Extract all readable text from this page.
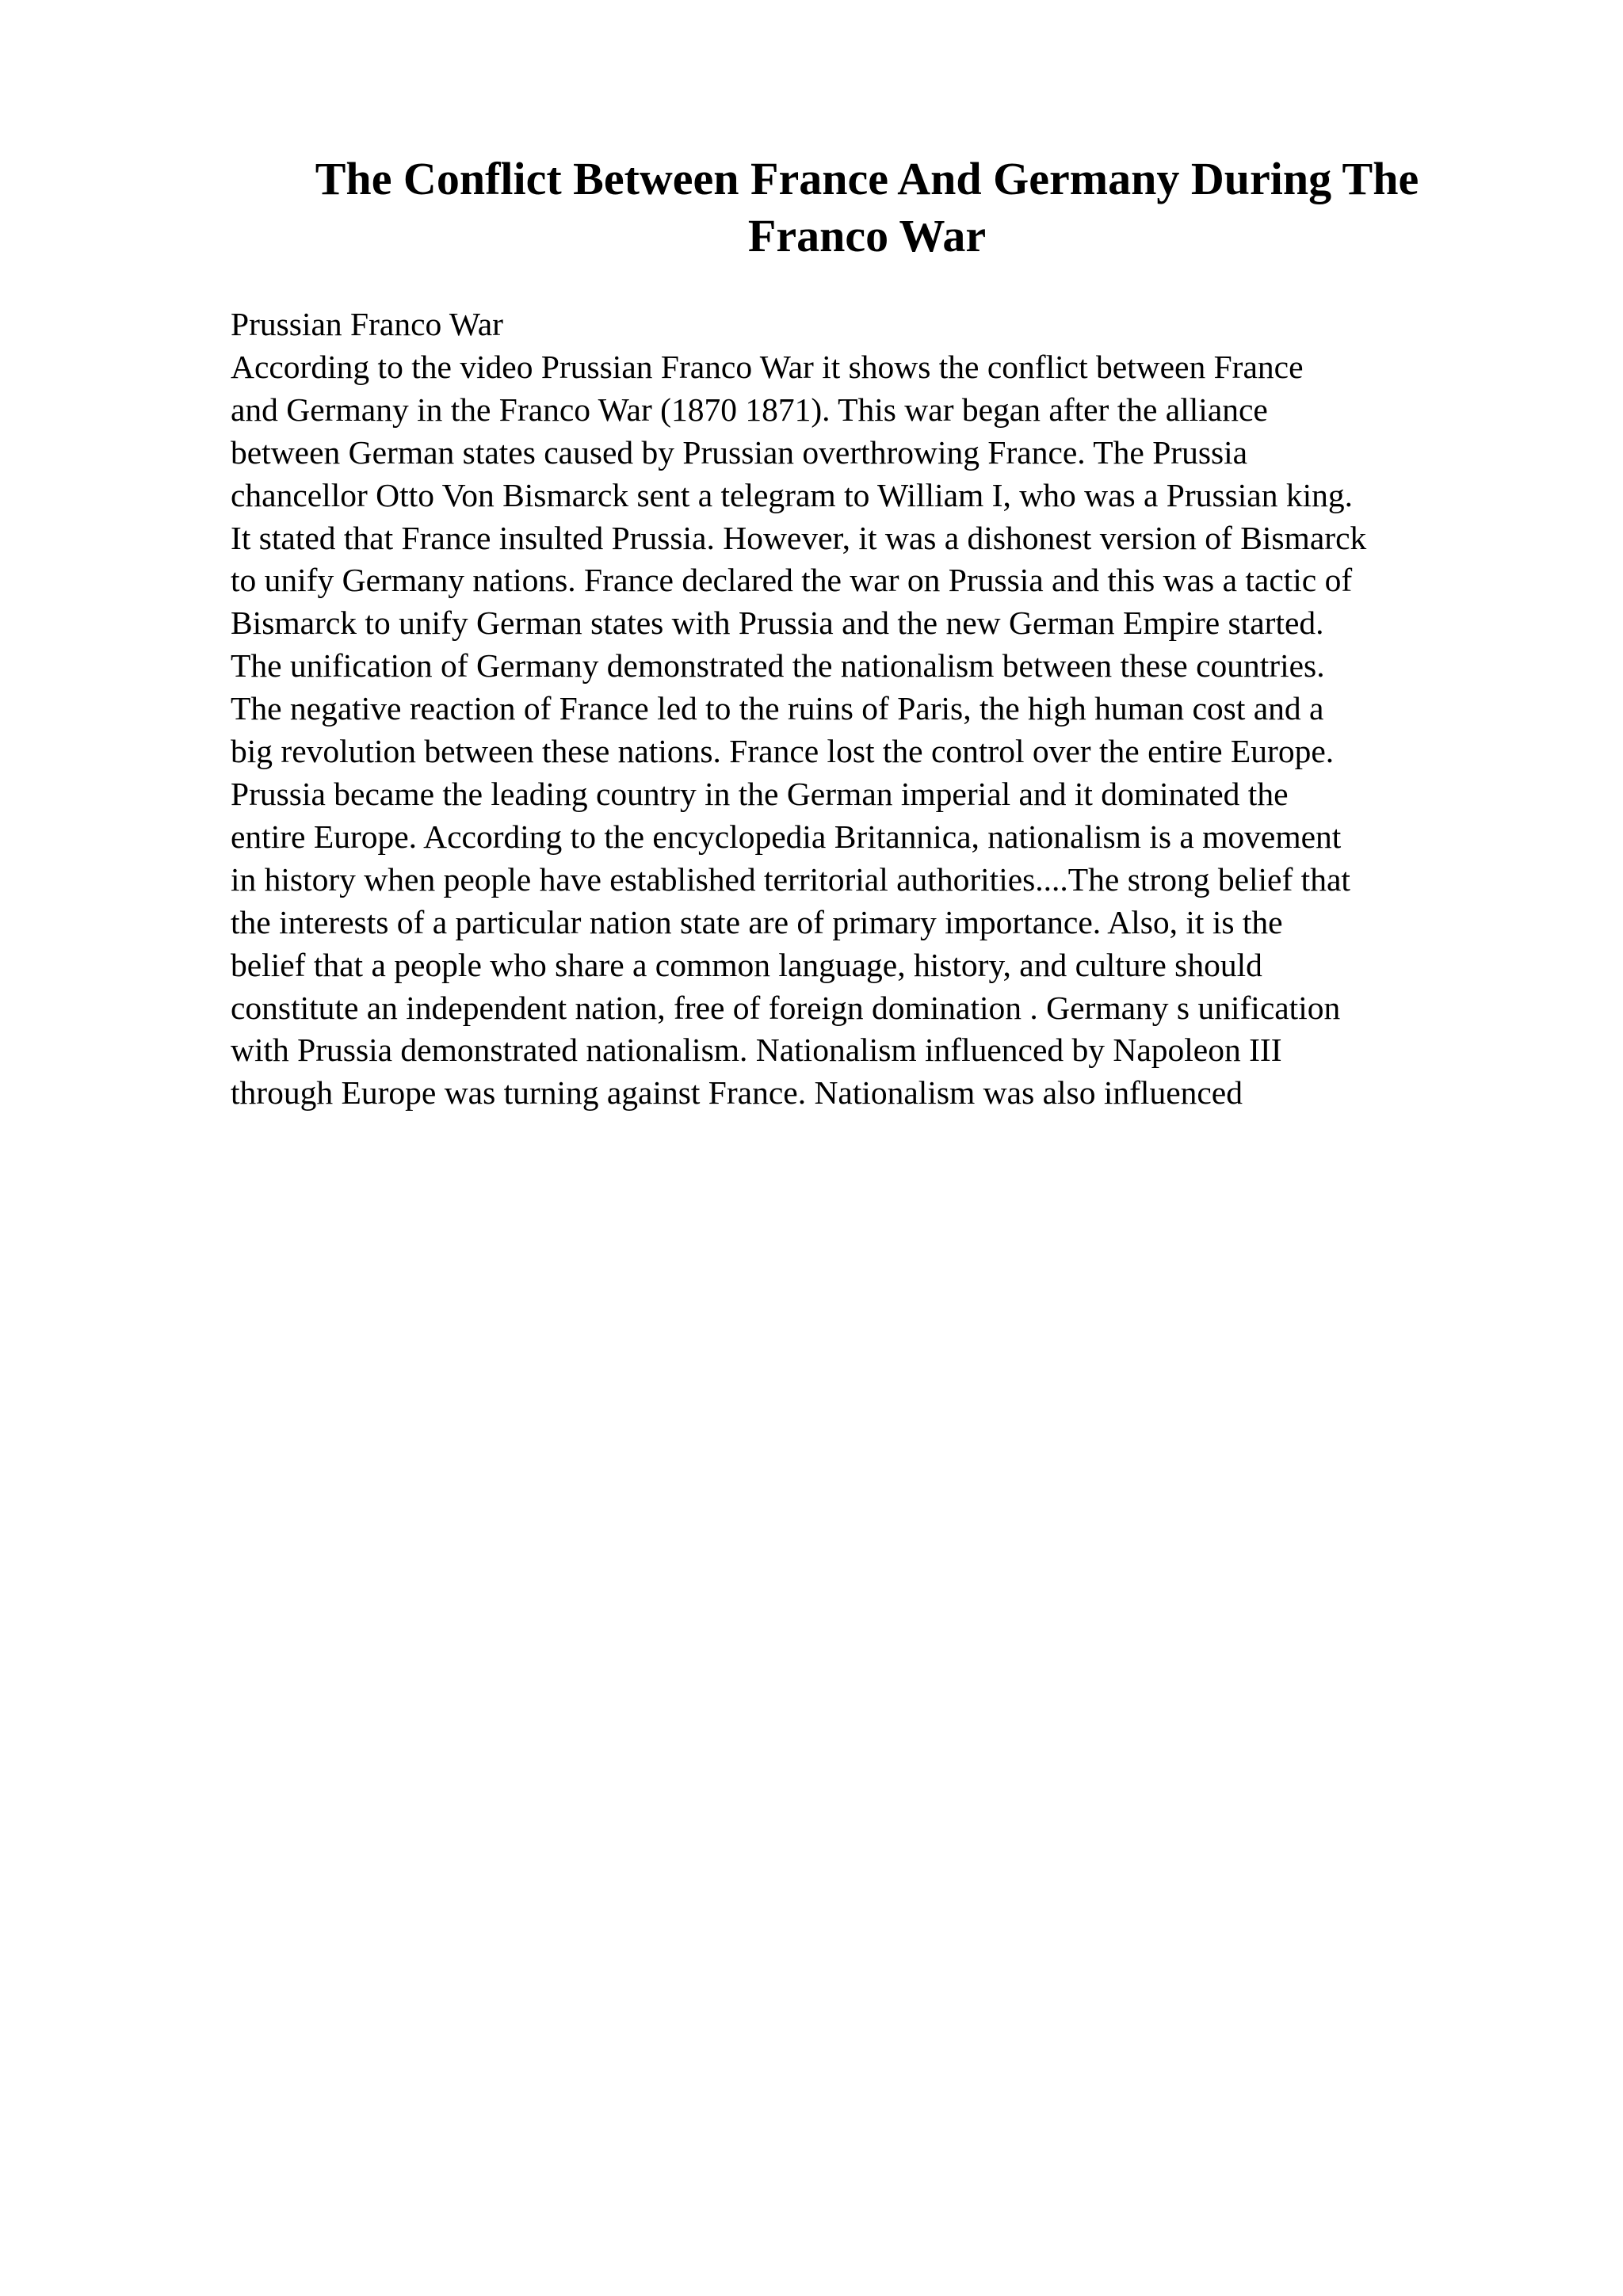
The Conflict Between France And Germany During The
Franco War
Prussian Franco War
According to the video Prussian Franco War it shows the conflict between France
and Germany in the Franco War (1870 1871). This war began after the alliance
between German states caused by Prussian overthrowing France. The Prussia
chancellor Otto Von Bismarck sent a telegram to William I, who was a Prussian king.
It stated that France insulted Prussia. However, it was a dishonest version of Bismarck
to unify Germany nations. France declared the war on Prussia and this was a tactic of
Bismarck to unify German states with Prussia and the new German Empire started.
The unification of Germany demonstrated the nationalism between these countries.
The negative reaction of France led to the ruins of Paris, the high human cost and a
big revolution between these nations. France lost the control over the entire Europe.
Prussia became the leading country in the German imperial and it dominated the
entire Europe. According to the encyclopedia Britannica, nationalism is a movement
in history when people have established territorial authorities....The strong belief that
the interests of a particular nation state are of primary importance. Also, it is the
belief that a people who share a common language, history, and culture should
constitute an independent nation, free of foreign domination . Germany s unification
with Prussia demonstrated nationalism. Nationalism influenced by Napoleon III
through Europe was turning against France. Nationalism was also influenced
